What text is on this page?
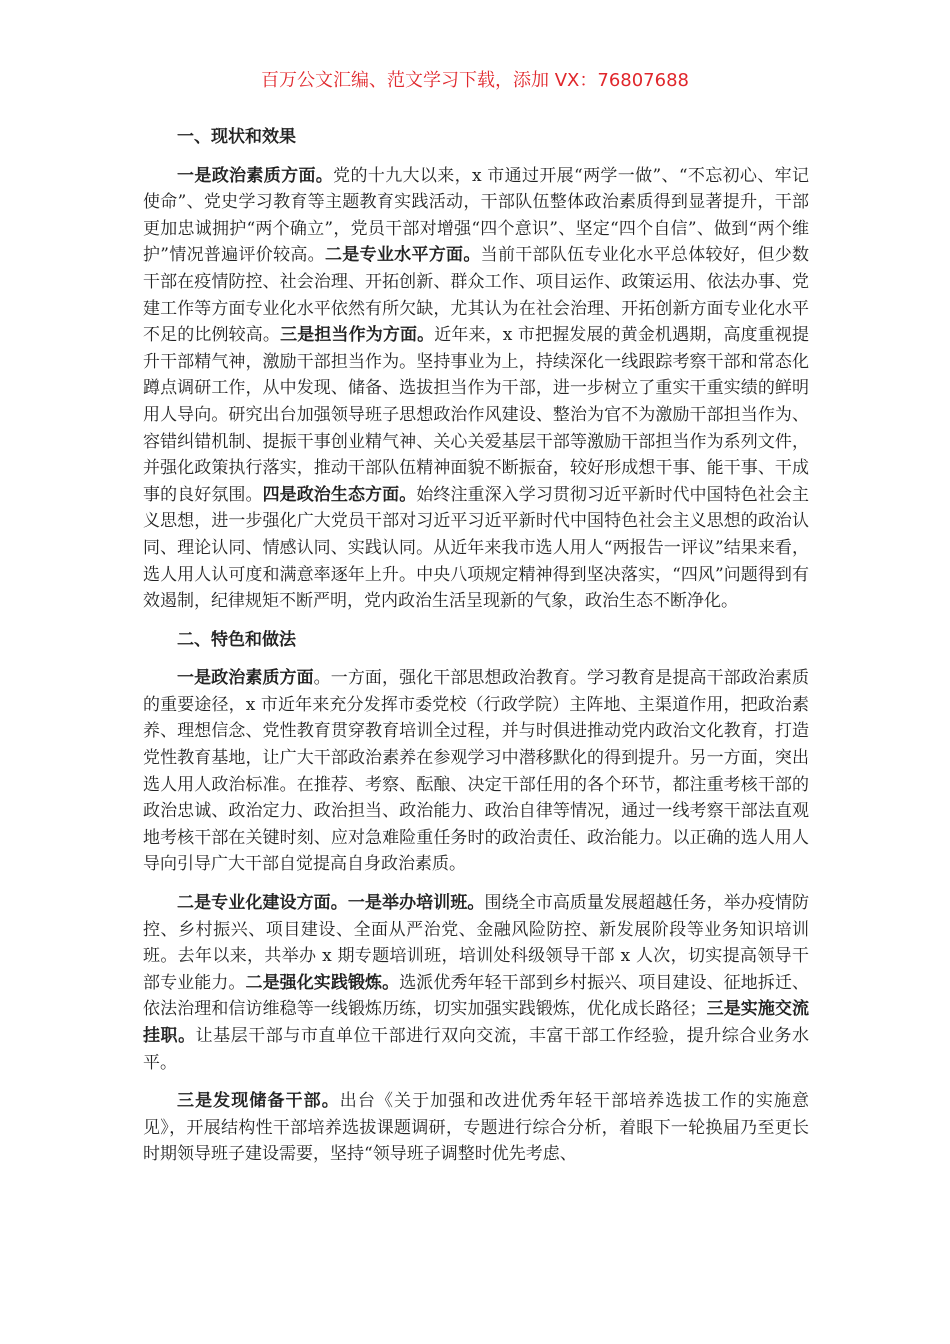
百万公文汇编、范文学习下载，添加 VX：76807688
一、现状和效果

一是政治素质方面。党的十九大以来，x 市通过开展“两学一做”、“不忘初心、牢记使命”、党史学习教育等主题教育实践活动，干部队伍整体政治素质得到显著提升，干部更加忠诚拥护“两个确立”，党员干部对增强“四个意识”、坚定“四个自信”、做到“两个维护”情况普遍评价较高。二是专业水平方面。当前干部队伍专业化水平总体较好，但少数干部在疫情防控、社会治理、开拓创新、群众工作、项目运作、政策运用、依法办事、党建工作等方面专业化水平依然有所欠缺，尤其认为在社会治理、开拓创新方面专业化水平不足的比例较高。三是担当作为方面。近年来，x 市把握发展的黄金机遇期，高度重视提升干部精气神，激励干部担当作为。坚持事业为上，持续深化一线跟踪考察干部和常态化蹲点调研工作，从中发现、储备、选拔担当作为干部，进一步树立了重实干重实绩的鲜明用人导向。研究出台加强领导班子思想政治作风建设、整治为官不为激励干部担当作为、容错纠错机制、提振干事创业精气神、关心关爱基层干部等激励干部担当作为系列文件，并强化政策执行落实，推动干部队伍精神面貌不断振奋，较好形成想干事、能干事、干成事的良好氛围。四是政治生态方面。始终注重深入学习贯彻习近平新时代中国特色社会主义思想，进一步强化广大党员干部对习近平习近平新时代中国特色社会主义思想的政治认同、理论认同、情感认同、实践认同。从近年来我市选人用人“两报告一评议”结果来看，选人用人认可度和满意率逐年上升。中央八项规定精神得到坚决落实，“四风”问题得到有效遏制，纪律规矩不断严明，党内政治生活呈现新的气象，政治生态不断净化。

二、特色和做法

一是政治素质方面。一方面，强化干部思想政治教育。学习教育是提高干部政治素质的重要途径，x 市近年来充分发挥市委党校（行政学院）主阵地、主渠道作用，把政治素养、理想信念、党性教育贯穿教育培训全过程，并与时俱进推动党内政治文化教育，打造党性教育基地，让广大干部政治素养在参观学习中潜移默化的得到提升。另一方面，突出选人用人政治标准。在推荐、考察、酝酿、决定干部任用的各个环节，都注重考核干部的政治忠诚、政治定力、政治担当、政治能力、政治自律等情况，通过一线考察干部法直观地考核干部在关键时刻、应对急难险重任务时的政治责任、政治能力。以正确的选人用人导向引导广大干部自觉提高自身政治素质。

二是专业化建设方面。一是举办培训班。围绕全市高质量发展超越任务，举办疫情防控、乡村振兴、项目建设、全面从严治党、金融风险防控、新发展阶段等业务知识培训班。去年以来，共举办 x 期专题培训班，培训处科级领导干部 x 人次，切实提高领导干部专业能力。二是强化实践锻炼。选派优秀年轻干部到乡村振兴、项目建设、征地拆迁、依法治理和信访维稳等一线锻炼历练，切实加强实践锻炼，优化成长路径；三是实施交流挂职。让基层干部与市直单位干部进行双向交流，丰富干部工作经验，提升综合业务水平。

三是发现储备干部。出台《关于加强和改进优秀年轻干部培养选拔工作的实施意见》，开展结构性干部培养选拔课题调研，专题进行综合分析，着眼下一轮换届乃至更长时期领导班子建设需要，坚持“领导班子调整时优先考虑、
